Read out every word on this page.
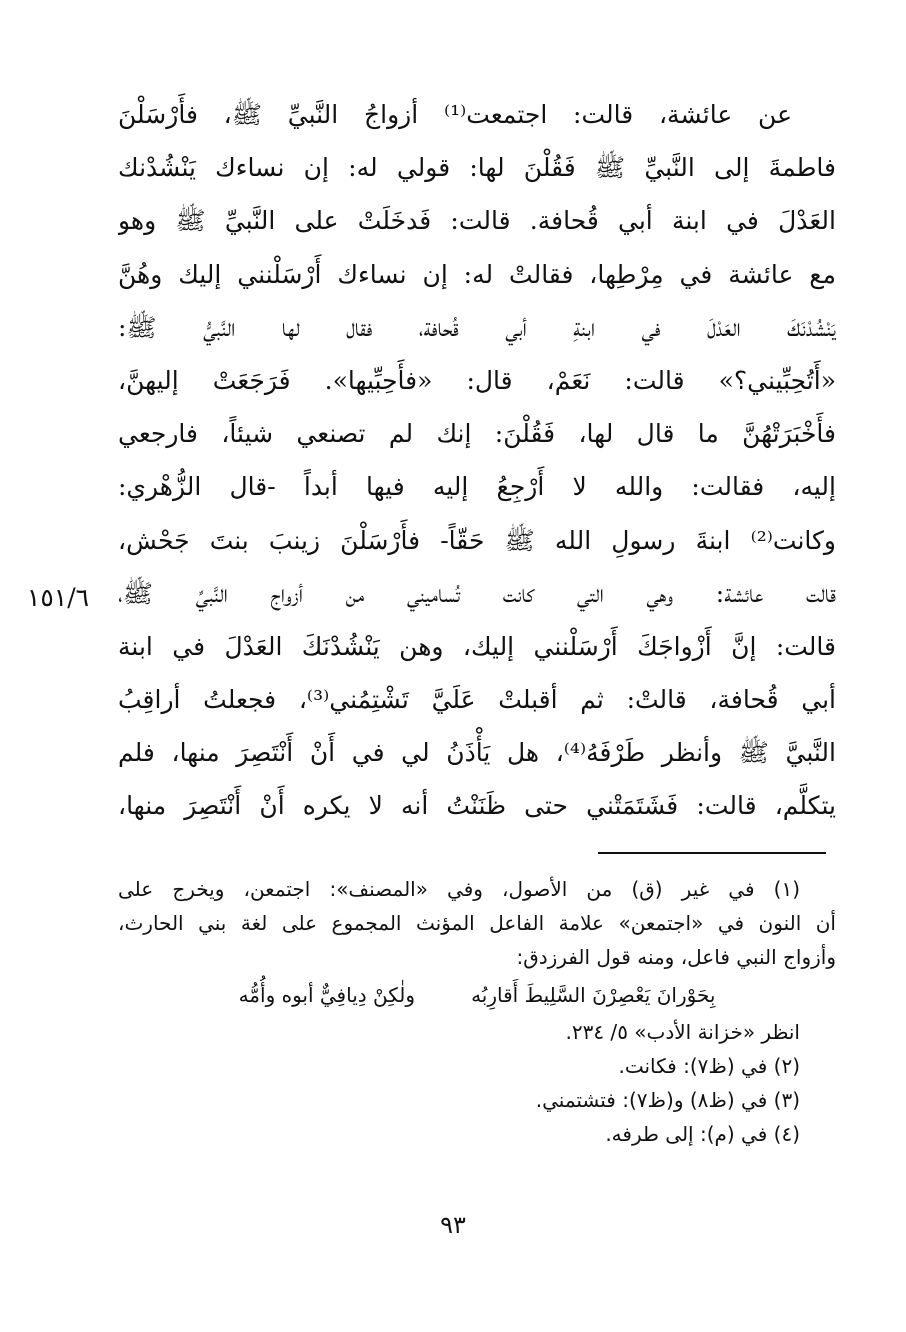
عن عائشة، قالت: اجتمعت⁽¹⁾ أزواجُ النَّبيِّ ﷺ، فأَرْسَلْنَ
فاطمةَ إلى النَّبيِّ ﷺ فَقُلْنَ لها: قولي له: إن نساءك يَنْشُدْنك
العَدْلَ في ابنة أبي قُحافة. قالت: فَدخَلَتْ على النَّبيِّ ﷺ وهو
مع عائشة في مِرْطِها، فقالتْ له: إن نساءك أَرْسَلْنني إليك وهُنَّ
يَنْشُدْنَكَ العَدْلَ في ابنةِ أبي قُحافة، فقال لها النَّبيُّ ﷺ:
«أَتُحِبِّيني؟» قالت: نَعَمْ، قال: «فأَحِبِّيها». فَرَجَعَتْ إليهنَّ،
فأَخْبَرَتْهُنَّ ما قال لها، فَقُلْنَ: إنك لم تصنعي شيئاً، فارجعي
إليه، فقالت: والله لا أَرْجِعُ إليه فيها أبداً -قال الزُّهْري:
وكانت⁽²⁾ ابنةَ رسولِ الله ﷺ حَقّاً- فأَرْسَلْنَ زينبَ بنتَ جَحْش،
قالت عائشة: وهي التي كانت تُساميني من أزواج النَّبيِّ ﷺ،
قالت: إنَّ أَزْواجَكَ أَرْسَلْنني إليك، وهن يَنْشُدْنَكَ العَدْلَ في ابنة
أبي قُحافة، قالتْ: ثم أقبلتْ عَلَيَّ تَشْتِمُني⁽³⁾، فجعلتُ أراقِبُ
النَّبيَّ ﷺ وأنظر طَرْفَهُ⁽⁴⁾، هل يَأْذَنُ لي في أَنْ أَنْتَصِرَ منها، فلم
يتكلَّم، قالت: فَشَتَمَتْني حتى ظَنَنْتُ أنه لا يكره أَنْ أَنْتَصِرَ منها،
١٥١/٦
(١) في غير (ق) من الأصول، وفي «المصنف»: اجتمعن، ويخرج على
أن النون في «اجتمعن» علامة الفاعل المؤنث المجموع على لغة بني الحارث،
وأزواج النبي فاعل، ومنه قول الفرزدق:
بِحَوْرانَ يَعْصِرْنَ السَّلِيطَ أَقارِبُه
ولٰكِنْ دِيافِيٌّ أبوه وأُمُّه
انظر «خزانة الأدب» ٥/ ٢٣٤.
(٢) في (ظ٧): فكانت.
(٣) في (ظ٨) و(ظ٧): فتشتمني.
(٤) في (م): إلى طرفه.
٩٣
